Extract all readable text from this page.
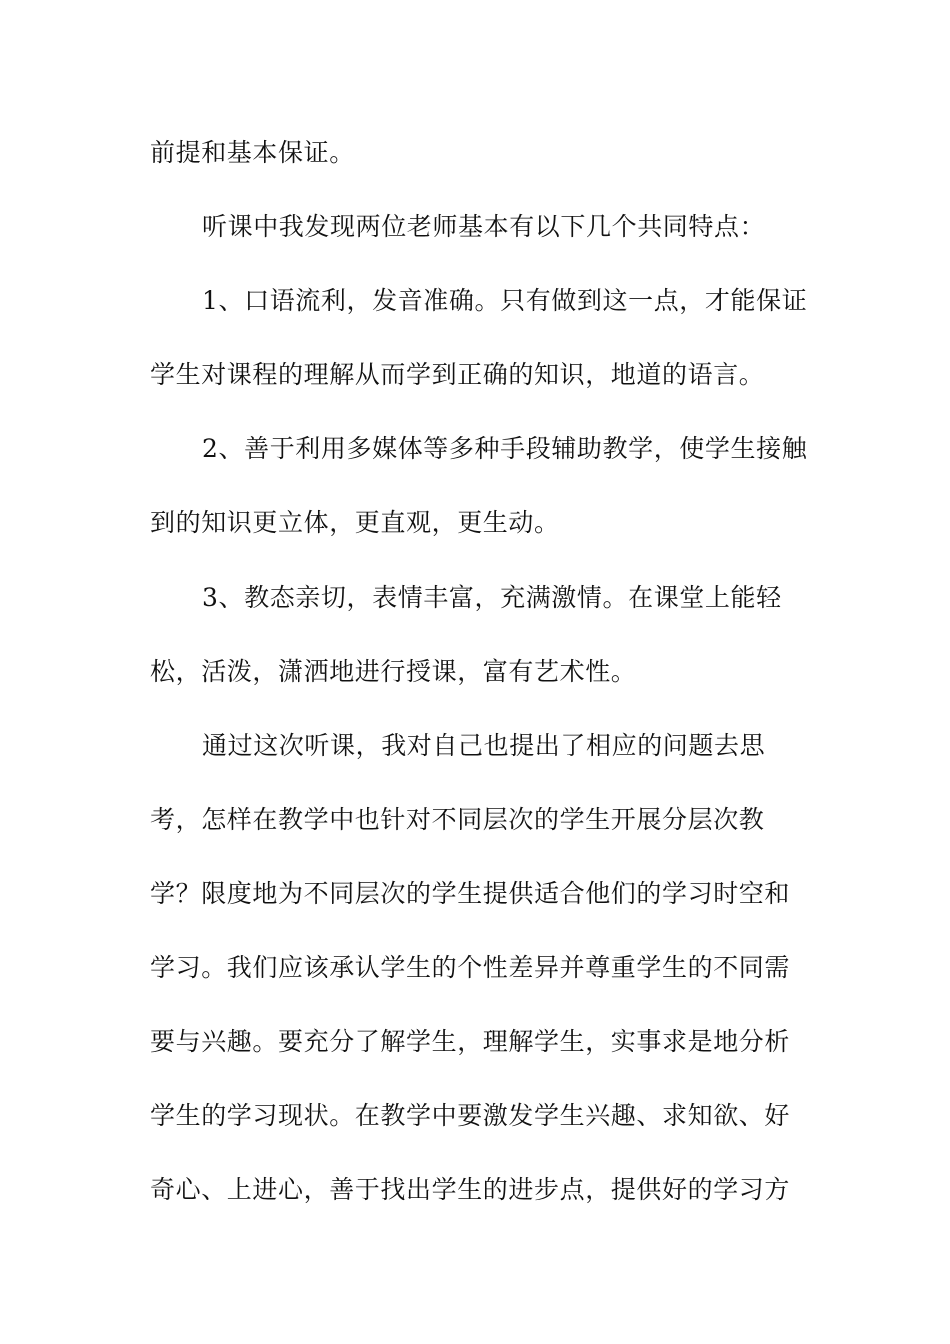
前提和基本保证。
听课中我发现两位老师基本有以下几个共同特点：
1、口语流利，发音准确。只有做到这一点，才能保证
学生对课程的理解从而学到正确的知识，地道的语言。
2、善于利用多媒体等多种手段辅助教学，使学生接触
到的知识更立体，更直观，更生动。
3、教态亲切，表情丰富，充满激情。在课堂上能轻
松，活泼，潇洒地进行授课，富有艺术性。
通过这次听课，我对自己也提出了相应的问题去思
考，怎样在教学中也针对不同层次的学生开展分层次教
学？限度地为不同层次的学生提供适合他们的学习时空和
学习。我们应该承认学生的个性差异并尊重学生的不同需
要与兴趣。要充分了解学生，理解学生，实事求是地分析
学生的学习现状。在教学中要激发学生兴趣、求知欲、好
奇心、上进心，善于找出学生的进步点，提供好的学习方
